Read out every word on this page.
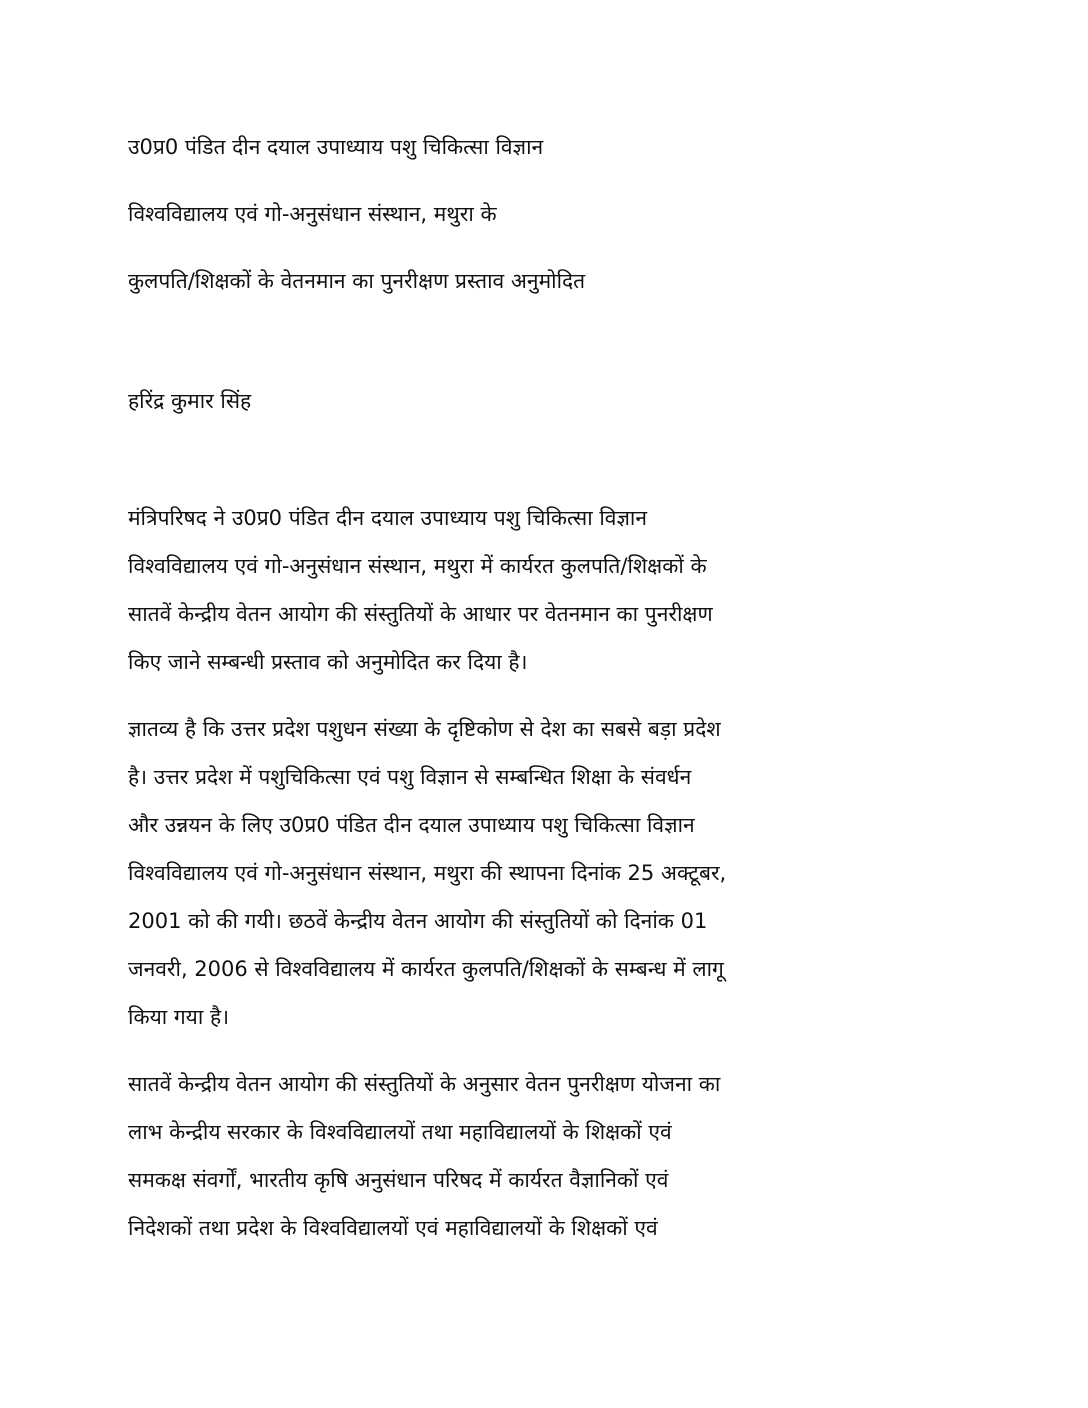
उ0प्र0 पंडित दीन दयाल उपाध्याय पशु चिकित्सा विज्ञान

विश्वविद्यालय एवं गो-अनुसंधान संस्थान, मथुरा के

कुलपति/शिक्षकों के वेतनमान का पुनरीक्षण प्रस्ताव अनुमोदित

हरिंद्र कुमार सिंह

मंत्रिपरिषद ने उ0प्र0 पंडित दीन दयाल उपाध्याय पशु चिकित्सा विज्ञान

विश्वविद्यालय एवं गो-अनुसंधान संस्थान, मथुरा में कार्यरत कुलपति/शिक्षकों के

सातवें केन्द्रीय वेतन आयोग की संस्तुतियों के आधार पर वेतनमान का पुनरीक्षण

किए जाने सम्बन्धी प्रस्ताव को अनुमोदित कर दिया है।

ज्ञातव्य है कि उत्तर प्रदेश पशुधन संख्या के दृष्टिकोण से देश का सबसे बड़ा प्रदेश

है। उत्तर प्रदेश में पशुचिकित्सा एवं पशु विज्ञान से सम्बन्धित शिक्षा के संवर्धन

और उन्नयन के लिए उ0प्र0 पंडित दीन दयाल उपाध्याय पशु चिकित्सा विज्ञान

विश्वविद्यालय एवं गो-अनुसंधान संस्थान, मथुरा की स्थापना दिनांक 25 अक्टूबर,

2001 को की गयी। छठवें केन्द्रीय वेतन आयोग की संस्तुतियों को दिनांक 01

जनवरी, 2006 से विश्वविद्यालय में कार्यरत कुलपति/शिक्षकों के सम्बन्ध में लागू

किया गया है।

सातवें केन्द्रीय वेतन आयोग की संस्तुतियों के अनुसार वेतन पुनरीक्षण योजना का

लाभ केन्द्रीय सरकार के विश्वविद्यालयों तथा महाविद्यालयों के शिक्षकों एवं

समकक्ष संवर्गों, भारतीय कृषि अनुसंधान परिषद में कार्यरत वैज्ञानिकों एवं

निदेशकों तथा प्रदेश के विश्वविद्यालयों एवं महाविद्यालयों के शिक्षकों एवं
